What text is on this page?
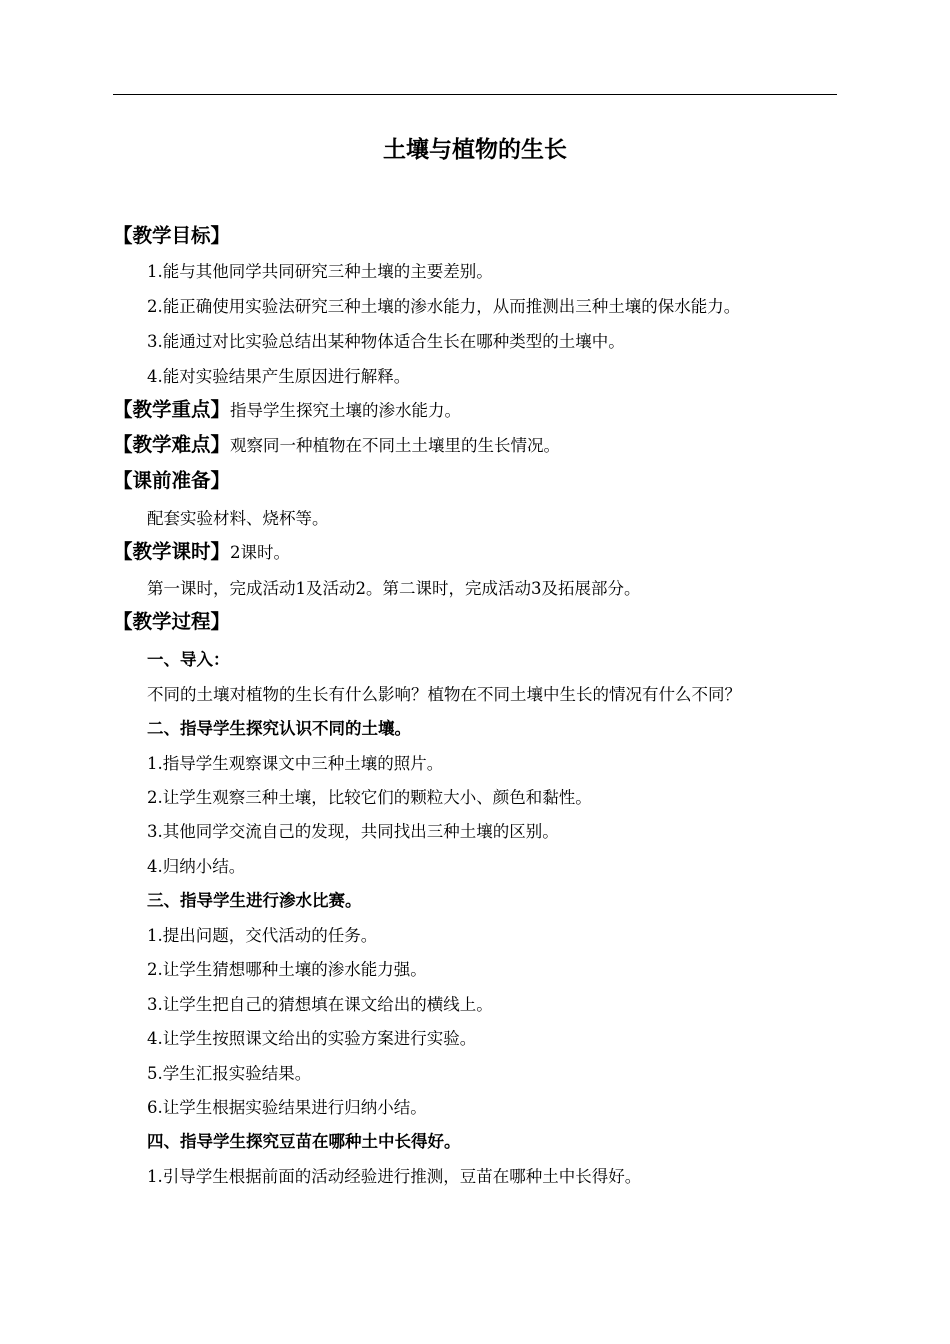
土壤与植物的生长
【教学目标】
1.能与其他同学共同研究三种土壤的主要差别。
2.能正确使用实验法研究三种土壤的渗水能力，从而推测出三种土壤的保水能力。
3.能通过对比实验总结出某种物体适合生长在哪种类型的土壤中。
4.能对实验结果产生原因进行解释。
【教学重点】指导学生探究土壤的渗水能力。
【教学难点】观察同一种植物在不同土土壤里的生长情况。
【课前准备】
配套实验材料、烧杯等。
【教学课时】2课时。
第一课时，完成活动1及活动2。第二课时，完成活动3及拓展部分。
【教学过程】
一、导入：
不同的土壤对植物的生长有什么影响？植物在不同土壤中生长的情况有什么不同？
二、指导学生探究认识不同的土壤。
1.指导学生观察课文中三种土壤的照片。
2.让学生观察三种土壤，比较它们的颗粒大小、颜色和黏性。
3.其他同学交流自己的发现，共同找出三种土壤的区别。
4.归纳小结。
三、指导学生进行渗水比赛。
1.提出问题，交代活动的任务。
2.让学生猜想哪种土壤的渗水能力强。
3.让学生把自己的猜想填在课文给出的横线上。
4.让学生按照课文给出的实验方案进行实验。
5.学生汇报实验结果。
6.让学生根据实验结果进行归纳小结。
四、指导学生探究豆苗在哪种土中长得好。
1.引导学生根据前面的活动经验进行推测，豆苗在哪种土中长得好。
